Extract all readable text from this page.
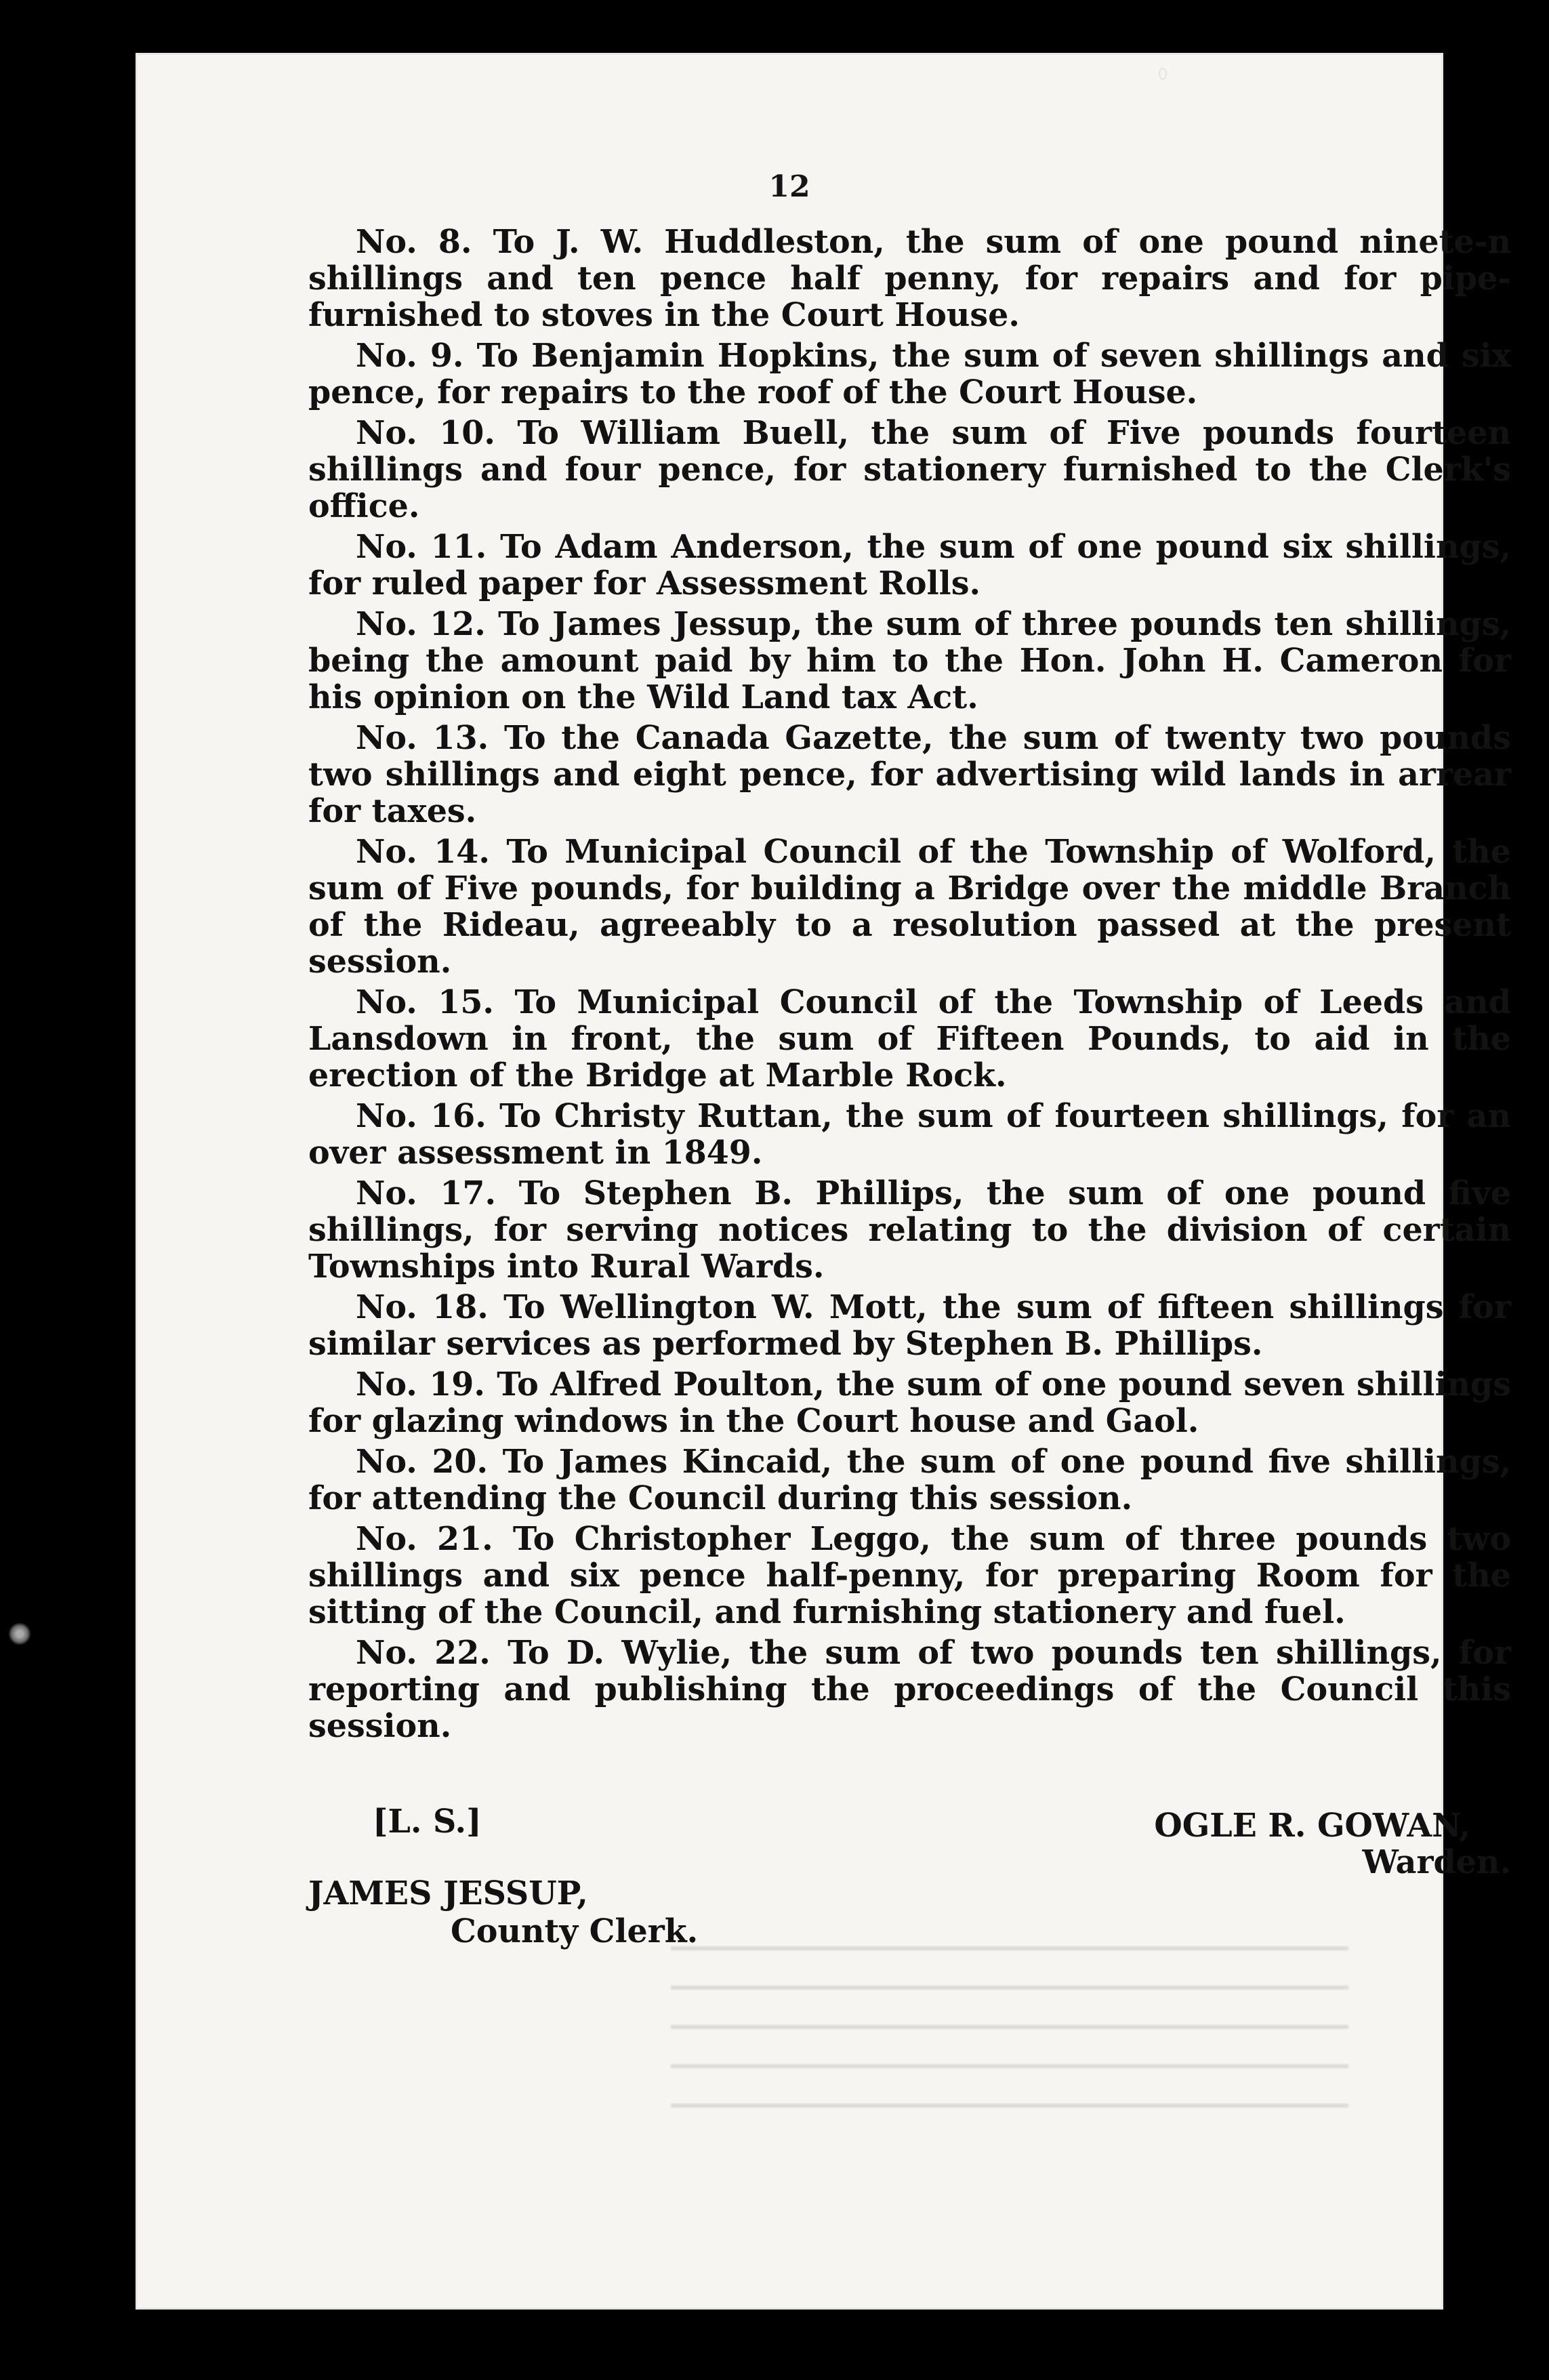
12

No. 8. To J. W. Huddleston, the sum of one pound ninete-n shillings and ten pence half penny, for repairs and for pipe- furnished to stoves in the Court House.

No. 9. To Benjamin Hopkins, the sum of seven shillings and six pence, for repairs to the roof of the Court House.

No. 10. To William Buell, the sum of Five pounds fourteen shillings and four pence, for stationery furnished to the Clerk's office.

No. 11. To Adam Anderson, the sum of one pound six shillings, for ruled paper for Assessment Rolls.

No. 12. To James Jessup, the sum of three pounds ten shillings, being the amount paid by him to the Hon. John H. Cameron for his opinion on the Wild Land tax Act.

No. 13. To the Canada Gazette, the sum of twenty two pounds two shillings and eight pence, for advertising wild lands in arrear for taxes.

No. 14. To Municipal Council of the Township of Wolford, the sum of Five pounds, for building a Bridge over the middle Branch of the Rideau, agreeably to a resolution passed at the present session.

No. 15. To Municipal Council of the Township of Leeds and Lansdown in front, the sum of Fifteen Pounds, to aid in the erection of the Bridge at Marble Rock.

No. 16. To Christy Ruttan, the sum of fourteen shillings, for an over assessment in 1849.

No. 17. To Stephen B. Phillips, the sum of one pound five shillings, for serving notices relating to the division of certain Townships into Rural Wards.

No. 18. To Wellington W. Mott, the sum of fifteen shillings for similar services as performed by Stephen B. Phillips.

No. 19. To Alfred Poulton, the sum of one pound seven shillings for glazing windows in the Court house and Gaol.

No. 20. To James Kincaid, the sum of one pound five shillings, for attending the Council during this session.

No. 21. To Christopher Leggo, the sum of three pounds two shillings and six pence half-penny, for preparing Room for the sitting of the Council, and furnishing stationery and fuel.

No. 22. To D. Wylie, the sum of two pounds ten shillings, for reporting and publishing the proceedings of the Council this session.

[L. S.]	OGLE R. GOWAN,
Warden.
JAMES JESSUP,
County Clerk.
